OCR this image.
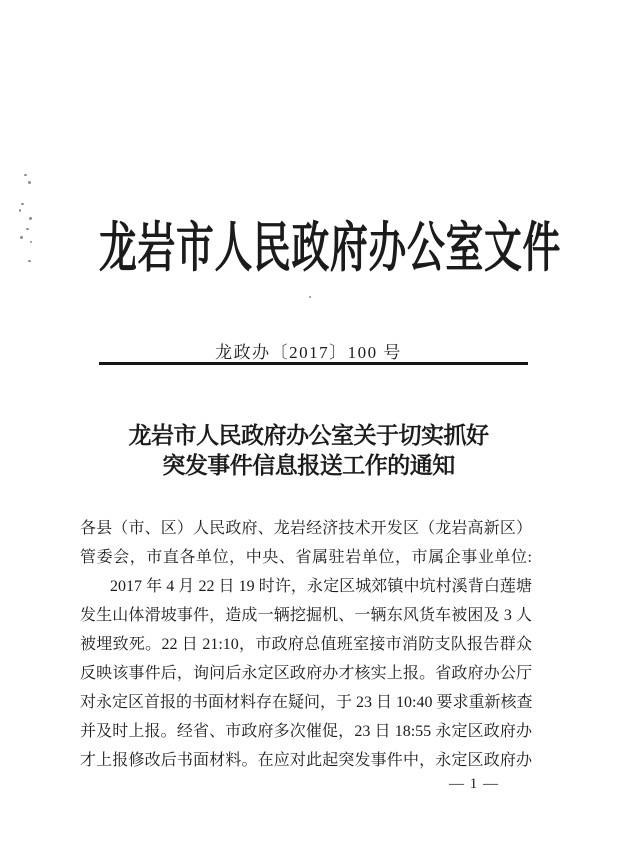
龙岩市人民政府办公室文件
龙政办〔2017〕100 号
龙岩市人民政府办公室关于切实抓好
突发事件信息报送工作的通知
各县（市、区）人民政府、龙岩经济技术开发区（龙岩高新区）
管委会，市直各单位，中央、省属驻岩单位，市属企事业单位:
2017 年 4 月 22 日 19 时许，永定区城郊镇中坑村溪背白莲塘
发生山体滑坡事件，造成一辆挖掘机、一辆东风货车被困及 3 人
被埋致死。22 日 21:10，市政府总值班室接市消防支队报告群众
反映该事件后，询问后永定区政府办才核实上报。省政府办公厅
对永定区首报的书面材料存在疑问，于 23 日 10:40 要求重新核查
并及时上报。经省、市政府多次催促，23 日 18:55 永定区政府办
才上报修改后书面材料。在应对此起突发事件中，永定区政府办
— 1 —
